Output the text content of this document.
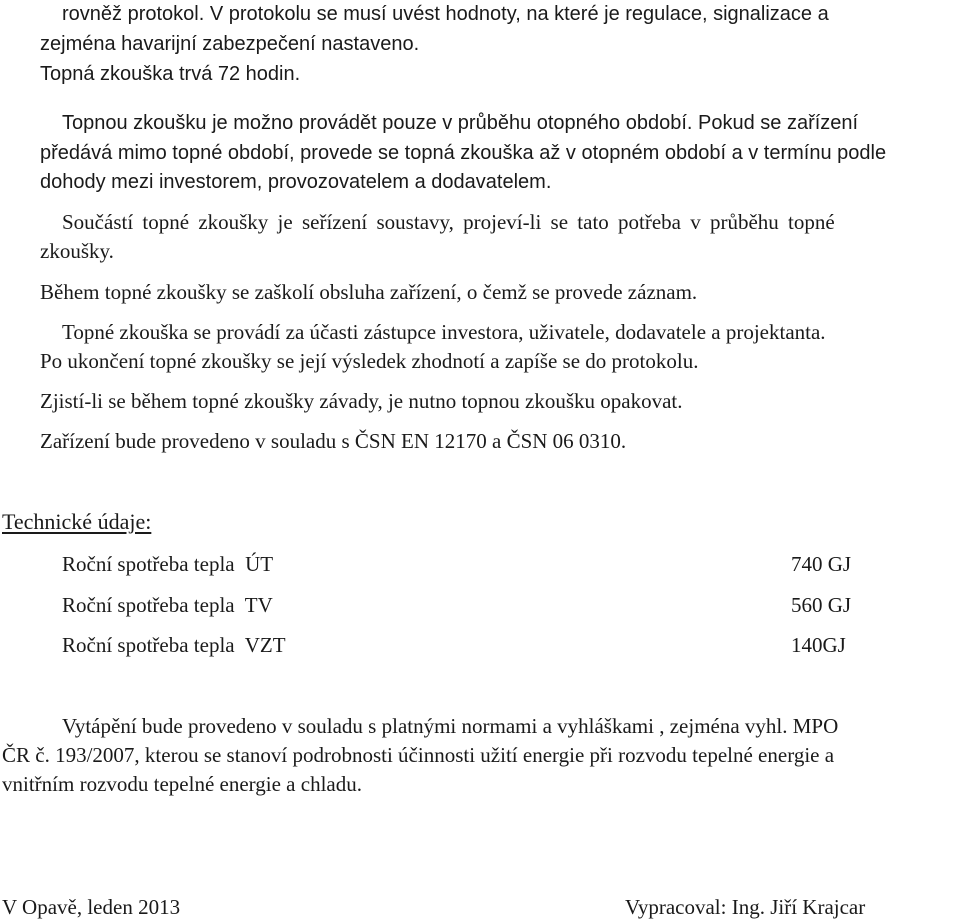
rovněž protokol. V protokolu se musí uvést hodnoty, na které je regulace, signalizace a
zejména havarijní zabezpečení nastaveno.
Topná zkouška trvá 72 hodin.
Topnou zkoušku je možno provádět pouze v průběhu otopného období. Pokud se zařízení
předává mimo topné období, provede se topná zkouška až v otopném období a v termínu podle
dohody mezi investorem, provozovatelem a dodavatelem.
Součástí topné zkoušky je seřízení soustavy, projeví-li se tato potřeba v průběhu topné
zkoušky.
Během topné zkoušky se zaškolí obsluha zařízení, o čemž se provede záznam.
Topné zkouška se provádí za účasti zástupce investora, uživatele, dodavatele a projektanta.
Po ukončení topné zkoušky se její výsledek zhodnotí a zapíše se do protokolu.
Zjistí-li se během topné zkoušky závady, je nutno topnou zkoušku opakovat.
Zařízení bude provedeno v souladu s ČSN EN 12170 a ČSN 06 0310.
Technické údaje:
Roční spotřeba tepla  ÚT	740 GJ
Roční spotřeba tepla  TV	560 GJ
Roční spotřeba tepla  VZT	140GJ
Vytápění bude provedeno v souladu s platnými normami a vyhláškami , zejména vyhl. MPO
ČR č. 193/2007, kterou se stanoví podrobnosti účinnosti užití energie při rozvodu tepelné energie a
vnitřním rozvodu tepelné energie a chladu.
V Opavě, leden 2013	Vypracoval: Ing. Jiří Krajcar
